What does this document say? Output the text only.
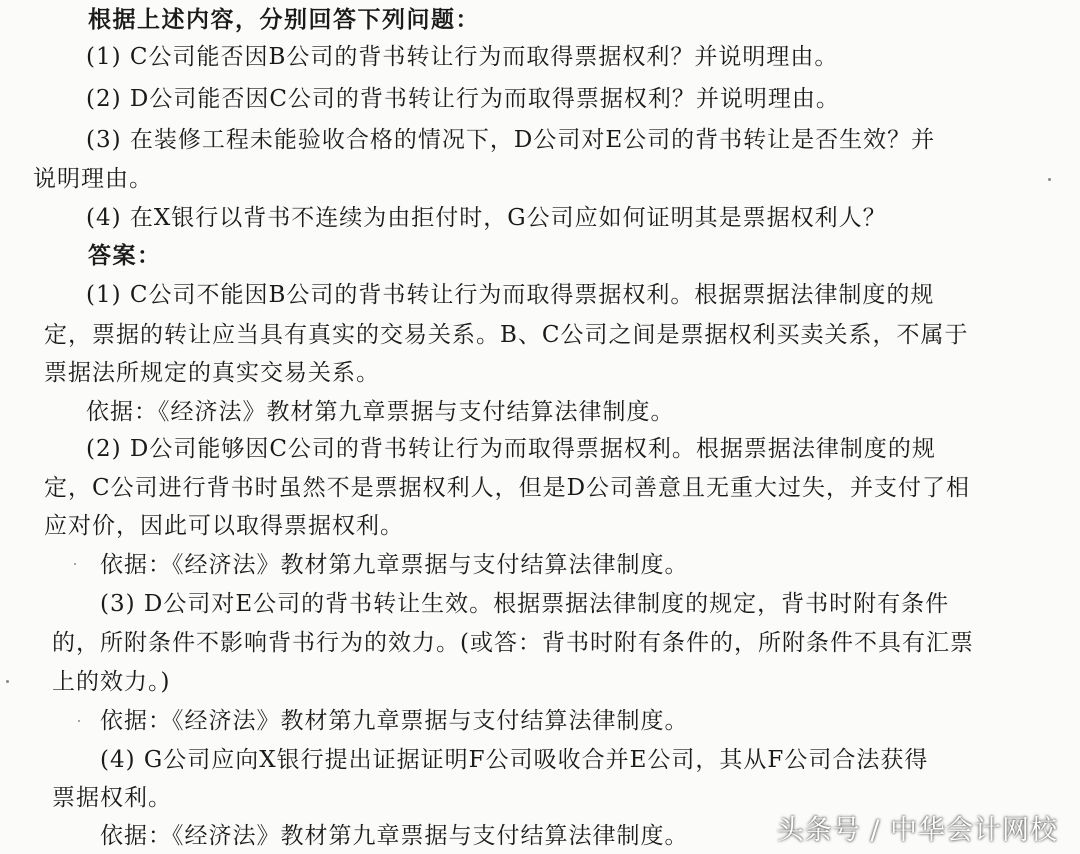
根据上述内容，分别回答下列问题：
(1) C公司能否因B公司的背书转让行为而取得票据权利？并说明理由。
(2) D公司能否因C公司的背书转让行为而取得票据权利？并说明理由。
(3) 在装修工程未能验收合格的情况下，D公司对E公司的背书转让是否生效？并
说明理由。
(4) 在X银行以背书不连续为由拒付时，G公司应如何证明其是票据权利人？
答案：
(1) C公司不能因B公司的背书转让行为而取得票据权利。根据票据法律制度的规
定，票据的转让应当具有真实的交易关系。B、C公司之间是票据权利买卖关系，不属于
票据法所规定的真实交易关系。
依据：《经济法》教材第九章票据与支付结算法律制度。
(2) D公司能够因C公司的背书转让行为而取得票据权利。根据票据法律制度的规
定，C公司进行背书时虽然不是票据权利人，但是D公司善意且无重大过失，并支付了相
应对价，因此可以取得票据权利。
依据：《经济法》教材第九章票据与支付结算法律制度。
(3) D公司对E公司的背书转让生效。根据票据法律制度的规定，背书时附有条件
的，所附条件不影响背书行为的效力。(或答：背书时附有条件的，所附条件不具有汇票
上的效力。)
依据：《经济法》教材第九章票据与支付结算法律制度。
(4) G公司应向X银行提出证据证明F公司吸收合并E公司，其从F公司合法获得
票据权利。
依据：《经济法》教材第九章票据与支付结算法律制度。	头条号 / 中华会计网校
